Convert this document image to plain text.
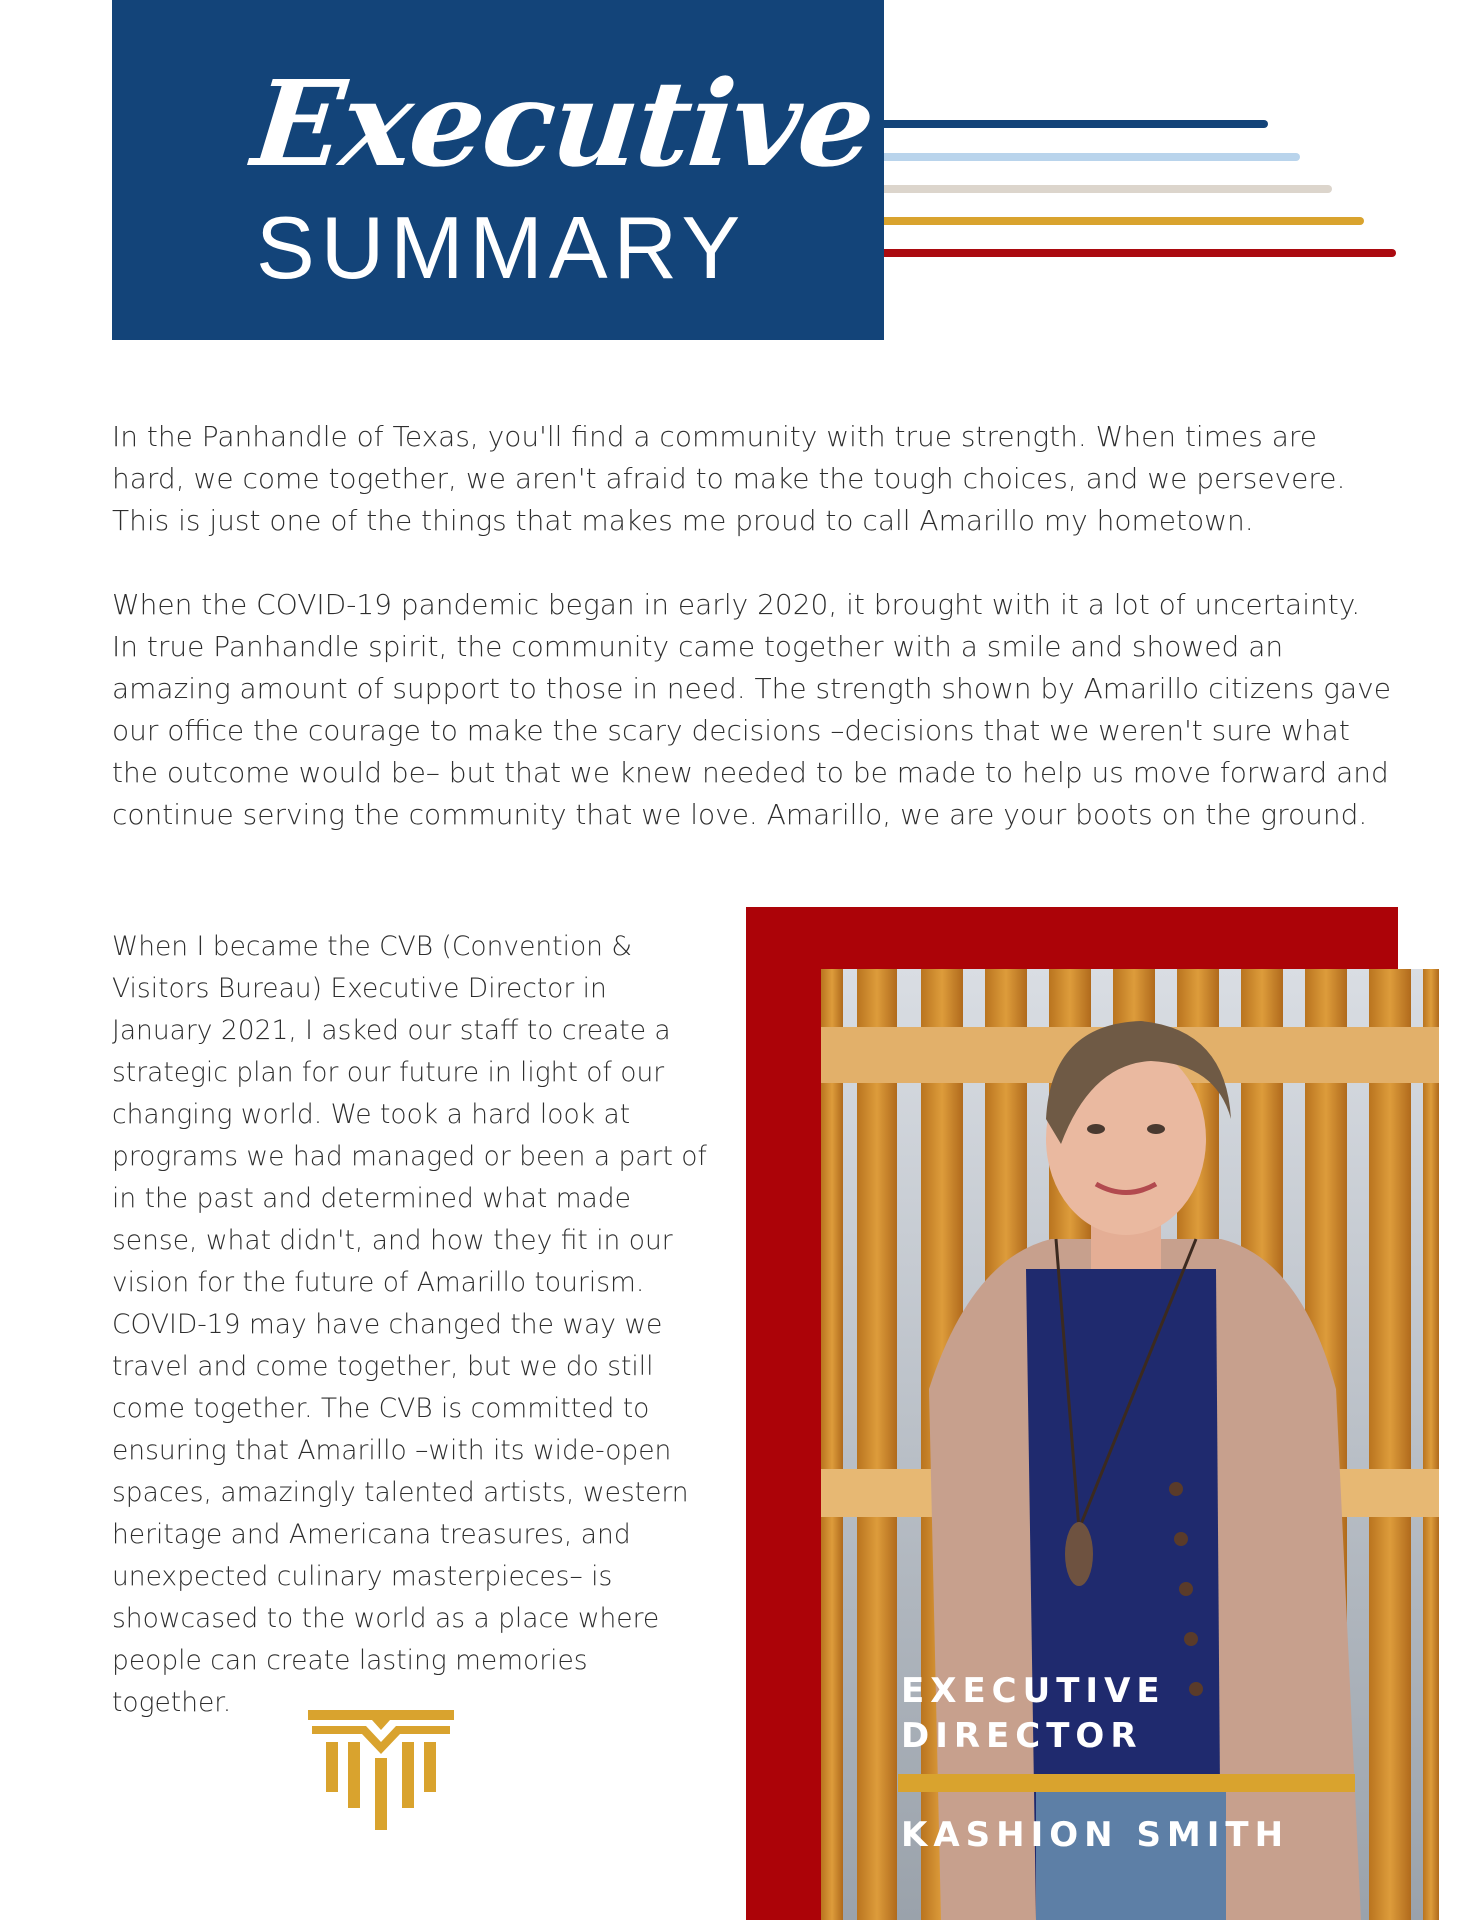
Executive
SUMMARY

In the Panhandle of Texas, you'll find a community with true strength. When times are hard, we come together, we aren't afraid to make the tough choices, and we persevere. This is just one of the things that makes me proud to call Amarillo my hometown.

When the COVID-19 pandemic began in early 2020, it brought with it a lot of uncertainty. In true Panhandle spirit, the community came together with a smile and showed an amazing amount of support to those in need. The strength shown by Amarillo citizens gave our office the courage to make the scary decisions –decisions that we weren't sure what the outcome would be– but that we knew needed to be made to help us move forward and continue serving the community that we love. Amarillo, we are your boots on the ground.

When I became the CVB (Convention & Visitors Bureau) Executive Director in January 2021, I asked our staff to create a strategic plan for our future in light of our changing world. We took a hard look at programs we had managed or been a part of in the past and determined what made sense, what didn't, and how they fit in our vision for the future of Amarillo tourism. COVID-19 may have changed the way we travel and come together, but we do still come together. The CVB is committed to ensuring that Amarillo –with its wide-open spaces, amazingly talented artists, western heritage and Americana treasures, and unexpected culinary masterpieces– is showcased to the world as a place where people can create lasting memories together.	EXECUTIVE
DIRECTOR
KASHION SMITH
